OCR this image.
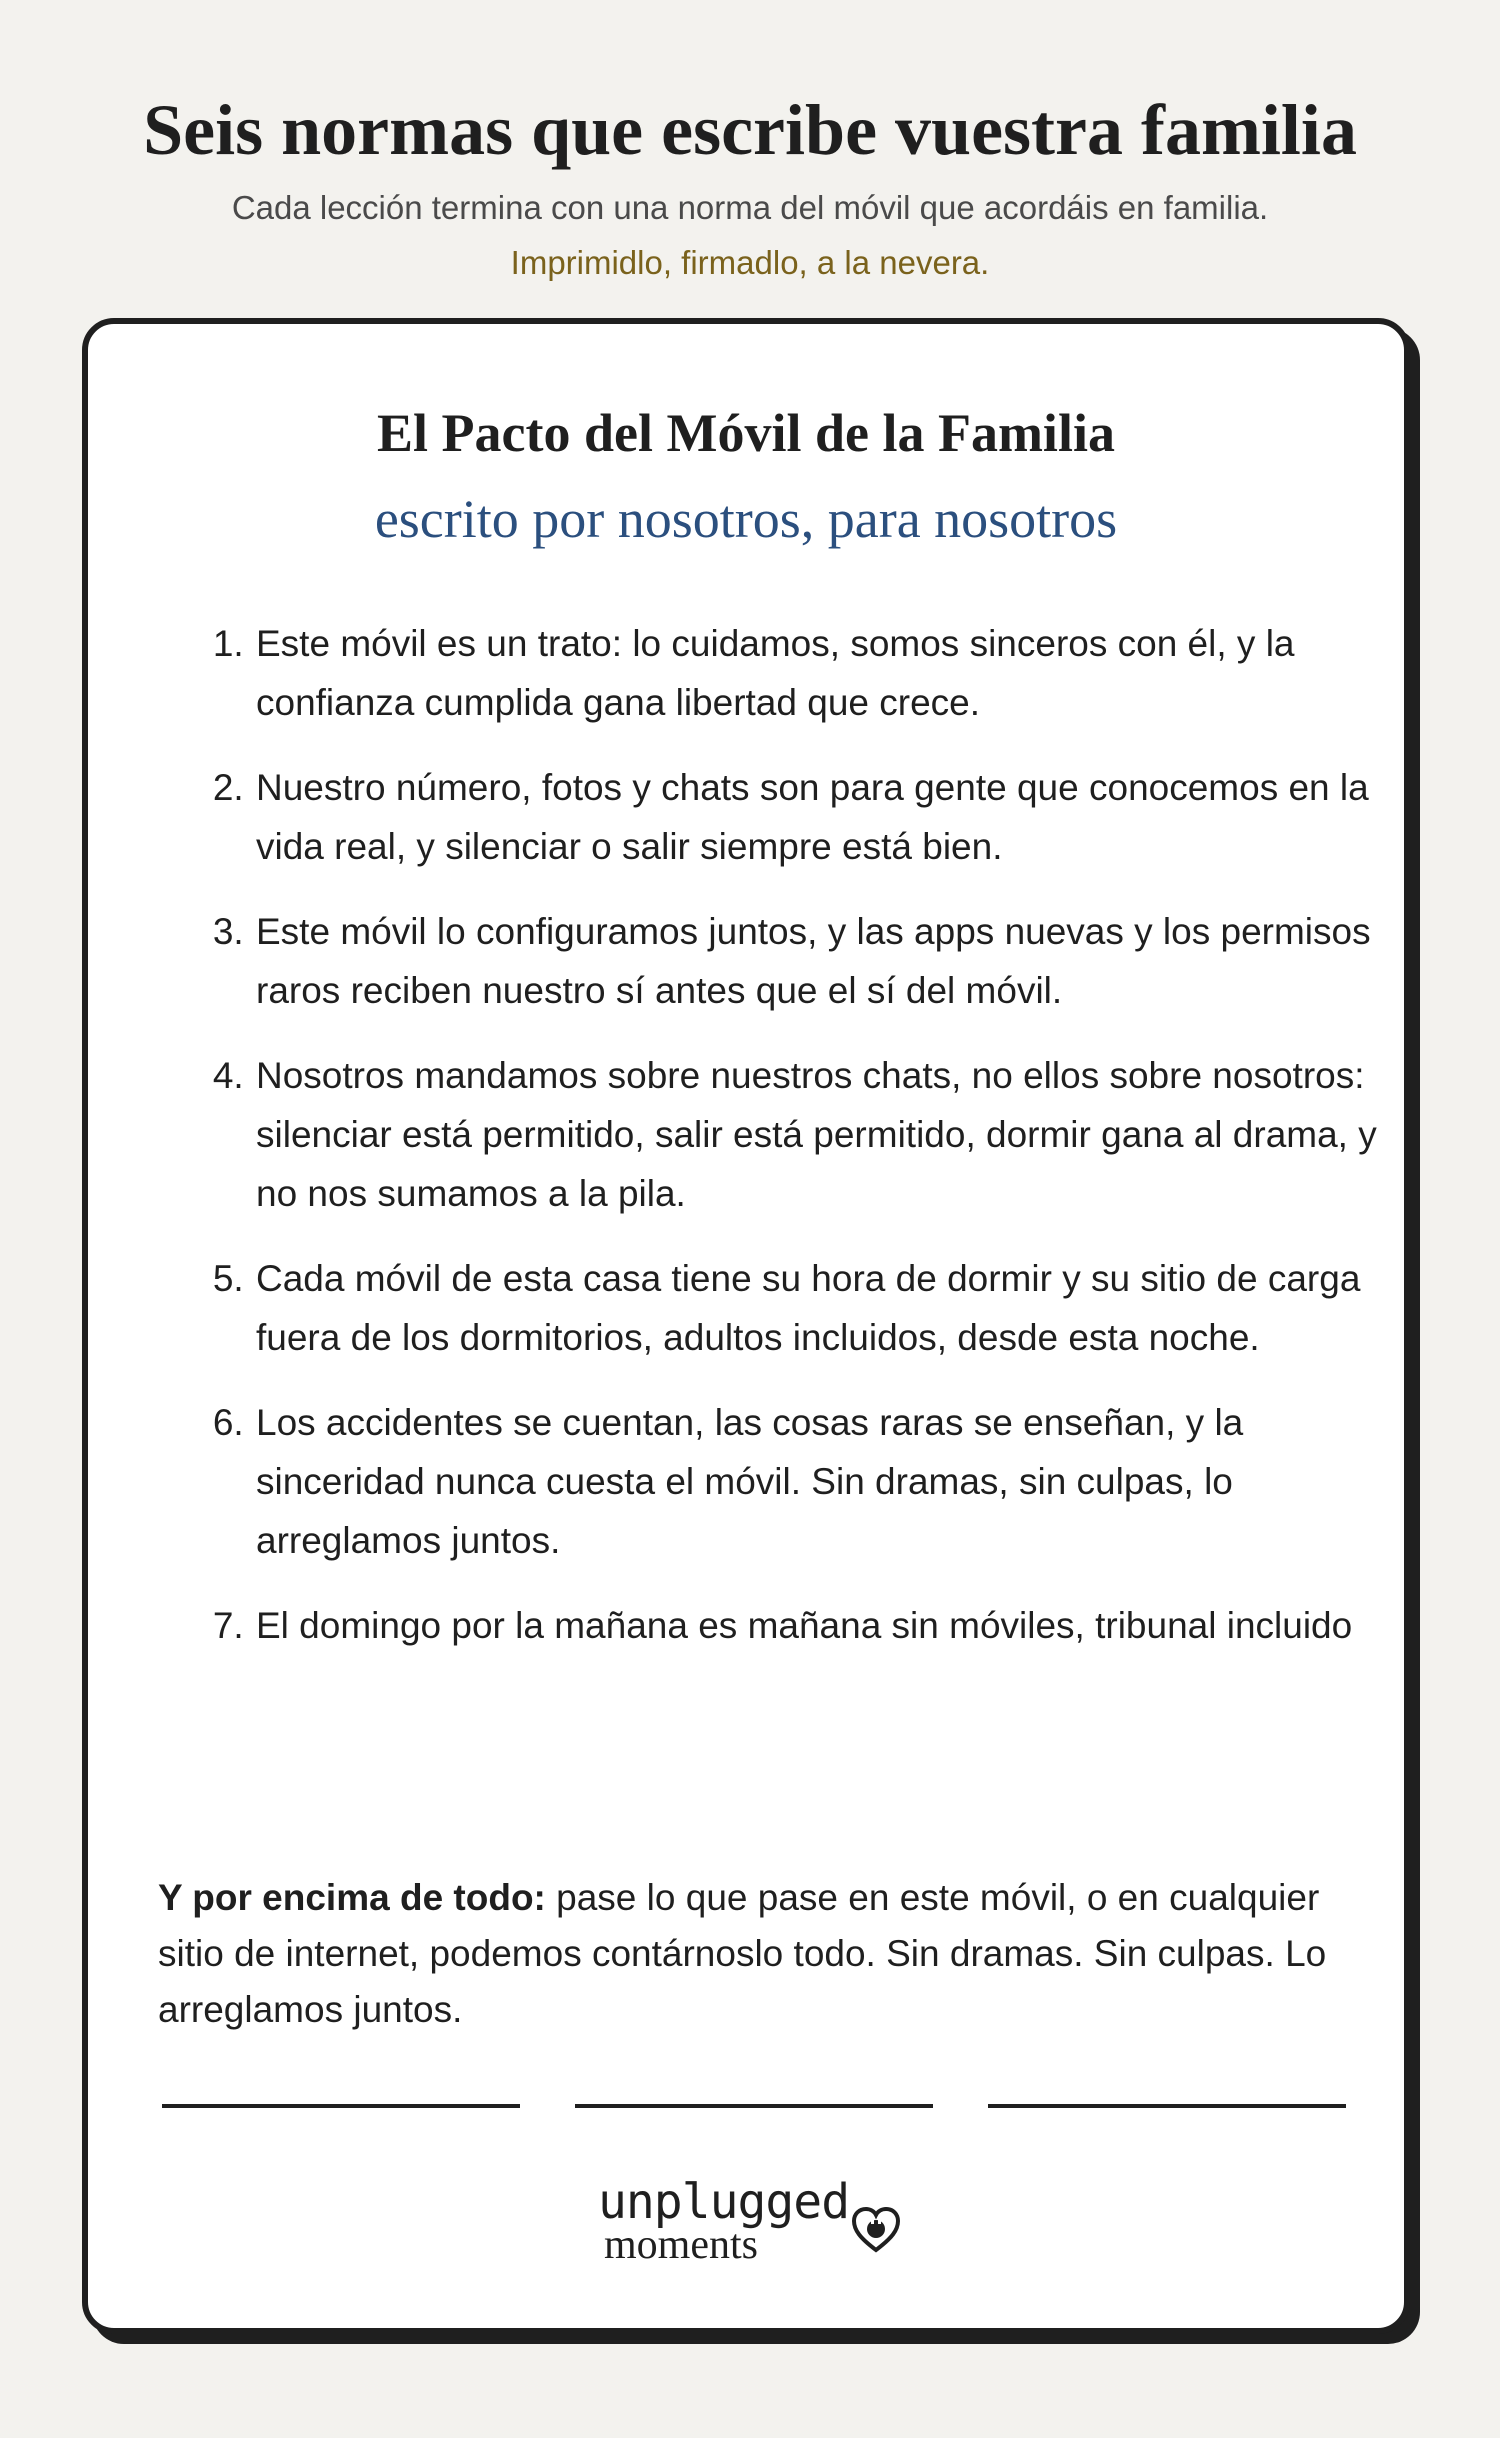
Seis normas que escribe vuestra familia
Cada lección termina con una norma del móvil que acordáis en familia.
Imprimidlo, firmadlo, a la nevera.
El Pacto del Móvil de la Familia
escrito por nosotros, para nosotros
1. Este móvil es un trato: lo cuidamos, somos sinceros con él, y la confianza cumplida gana libertad que crece.
2. Nuestro número, fotos y chats son para gente que conocemos en la vida real, y silenciar o salir siempre está bien.
3. Este móvil lo configuramos juntos, y las apps nuevas y los permisos raros reciben nuestro sí antes que el sí del móvil.
4. Nosotros mandamos sobre nuestros chats, no ellos sobre nosotros: silenciar está permitido, salir está permitido, dormir gana al drama, y no nos sumamos a la pila.
5. Cada móvil de esta casa tiene su hora de dormir y su sitio de carga fuera de los dormitorios, adultos incluidos, desde esta noche.
6. Los accidentes se cuentan, las cosas raras se enseñan, y la sinceridad nunca cuesta el móvil. Sin dramas, sin culpas, lo arreglamos juntos.
7. El domingo por la mañana es mañana sin móviles, tribunal incluido
Y por encima de todo: pase lo que pase en este móvil, o en cualquier sitio de internet, podemos contárnoslo todo. Sin dramas. Sin culpas. Lo arreglamos juntos.
unplugged
moments
